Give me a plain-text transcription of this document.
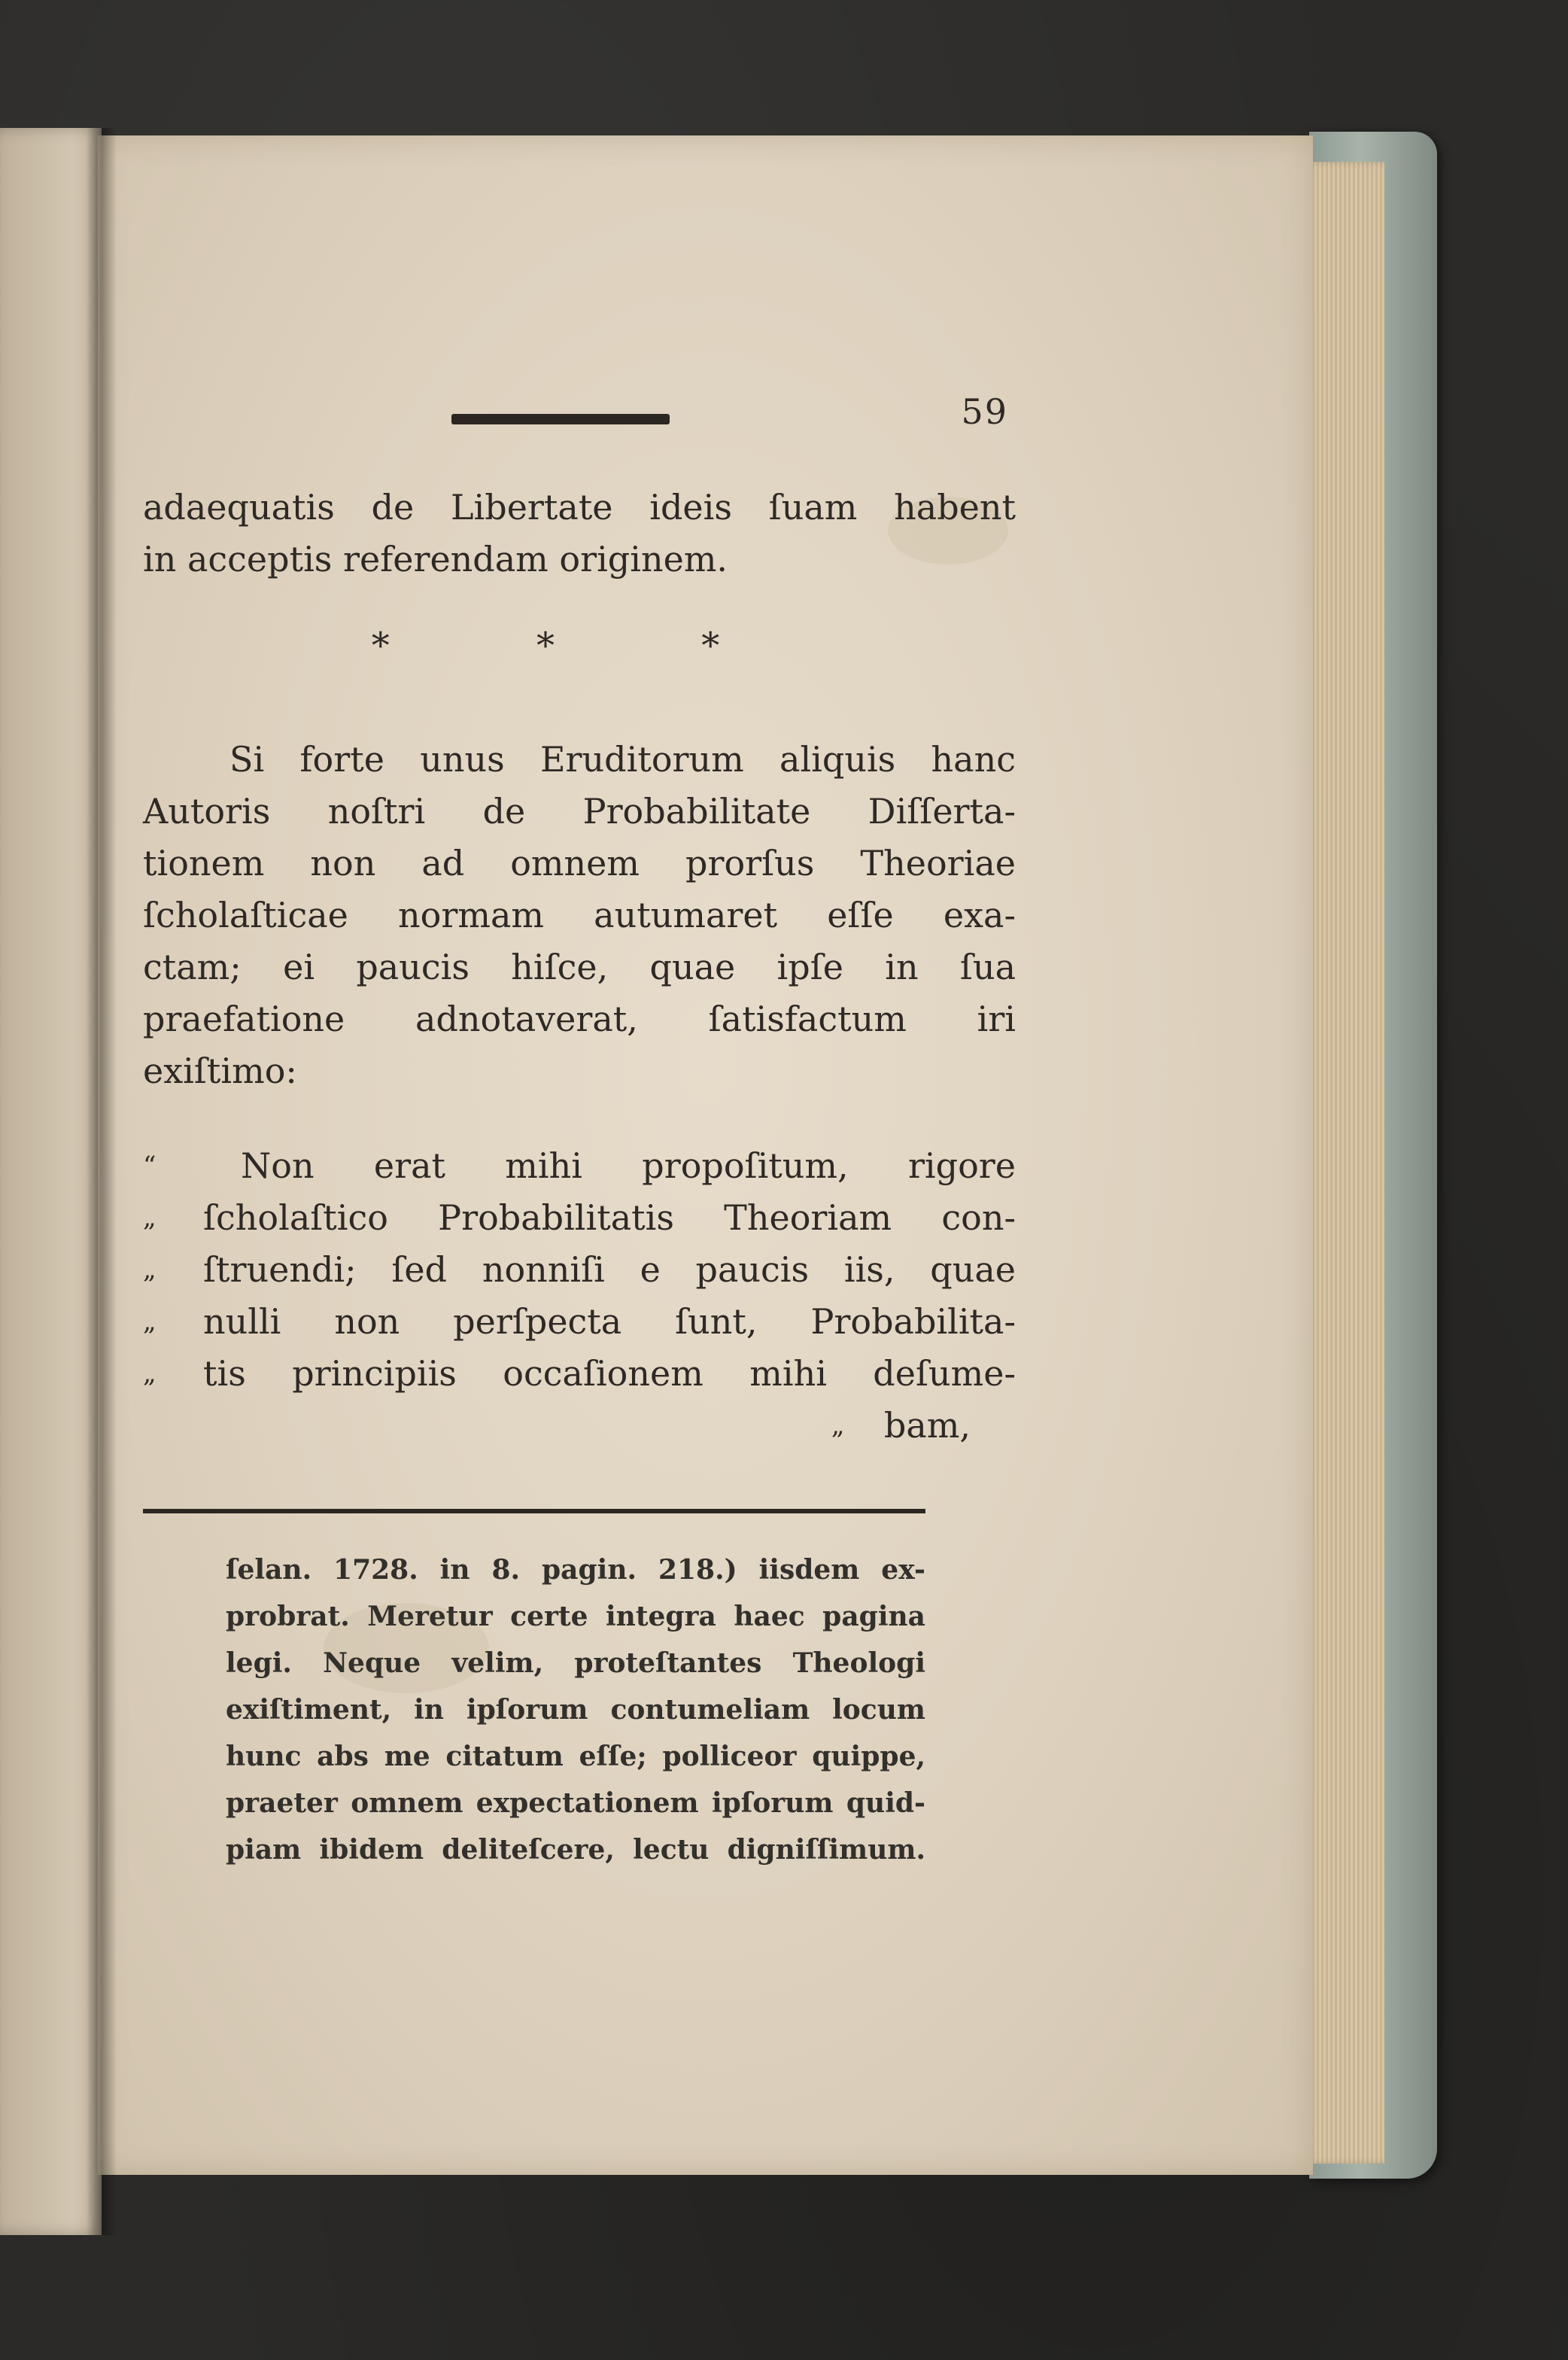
59
adaequatis de Libertate ideis ſuam habent
in acceptis referendam originem.
* * *
Si forte unus Eruditorum aliquis hanc
Autoris noſtri de Probabilitate Diſſerta-
tionem non ad omnem prorſus Theoriae
ſcholaſticae normam autumaret eſſe exa-
ctam; ei paucis hiſce, quae ipſe in ſua
praefatione adnotaverat, ſatisfactum iri
exiſtimo:
“	Non erat mihi propoſitum, rigore
„	ſcholaſtico Probabilitatis Theoriam con-
„	ſtruendi; ſed nonniſi e paucis iis, quae
„	nulli non perſpecta ſunt, Probabilita-
„	tis principiis occaſionem mihi deſume-
„	bam,
ſelan. 1728. in 8. pagin. 218.) iisdem ex-
probrat. Meretur certe integra haec pagina
legi. Neque velim, proteſtantes Theologi
exiſtiment, in ipſorum contumeliam locum
hunc abs me citatum eſſe; polliceor quippe,
praeter omnem expectationem ipſorum quid-
piam ibidem deliteſcere, lectu digniſſimum.
